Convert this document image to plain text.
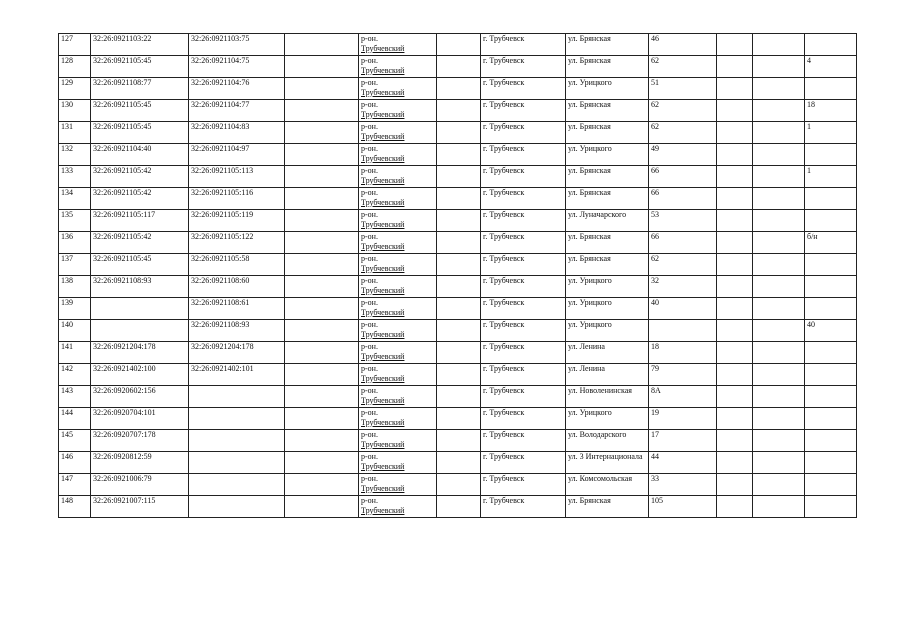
127	32:26:0921103:22	32:26:0921103:75		р-он.
Трубчевский		г. Трубчевск	ул. Брянская	46			
128	32:26:0921105:45	32:26:0921104:75		р-он.
Трубчевский		г. Трубчевск	ул. Брянская	62			4
129	32:26:0921108:77	32:26:0921104:76		р-он.
Трубчевский		г. Трубчевск	ул. Урицкого	51			
130	32:26:0921105:45	32:26:0921104:77		р-он.
Трубчевский		г. Трубчевск	ул. Брянская	62			18
131	32:26:0921105:45	32:26:0921104:83		р-он.
Трубчевский		г. Трубчевск	ул. Брянская	62			1
132	32:26:0921104:40	32:26:0921104:97		р-он.
Трубчевский		г. Трубчевск	ул. Урицкого	49			
133	32:26:0921105:42	32:26:0921105:113		р-он.
Трубчевский		г. Трубчевск	ул. Брянская	66			1
134	32:26:0921105:42	32:26:0921105:116		р-он.
Трубчевский		г. Трубчевск	ул. Брянская	66			
135	32:26:0921105:117	32:26:0921105:119		р-он.
Трубчевский		г. Трубчевск	ул. Луначарского	53			
136	32:26:0921105:42	32:26:0921105:122		р-он.
Трубчевский		г. Трубчевск	ул. Брянская	66			б/н
137	32:26:0921105:45	32:26:0921105:58		р-он.
Трубчевский		г. Трубчевск	ул. Брянская	62			
138	32:26:0921108:93	32:26:0921108:60		р-он.
Трубчевский		г. Трубчевск	ул. Урицкого	32			
139		32:26:0921108:61		р-он.
Трубчевский		г. Трубчевск	ул. Урицкого	40			
140		32:26:0921108:93		р-он.
Трубчевский		г. Трубчевск	ул. Урицкого				40
141	32:26:0921204:178	32:26:0921204:178		р-он.
Трубчевский		г. Трубчевск	ул. Ленина	18			
142	32:26:0921402:100	32:26:0921402:101		р-он.
Трубчевский		г. Трубчевск	ул. Ленина	79			
143	32:26:0920602:156			р-он.
Трубчевский		г. Трубчевск	ул. Новоленинская	8А			
144	32:26:0920704:101			р-он.
Трубчевский		г. Трубчевск	ул. Урицкого	19			
145	32:26:0920707:178			р-он.
Трубчевский		г. Трубчевск	ул. Володарского	17			
146	32:26:0920812:59			р-он.
Трубчевский		г. Трубчевск	ул. 3 Интернационала	44			
147	32:26:0921006:79			р-он.
Трубчевский		г. Трубчевск	ул. Комсомольская	33			
148	32:26:0921007:115			р-он.
Трубчевский		г. Трубчевск	ул. Брянская	105			
